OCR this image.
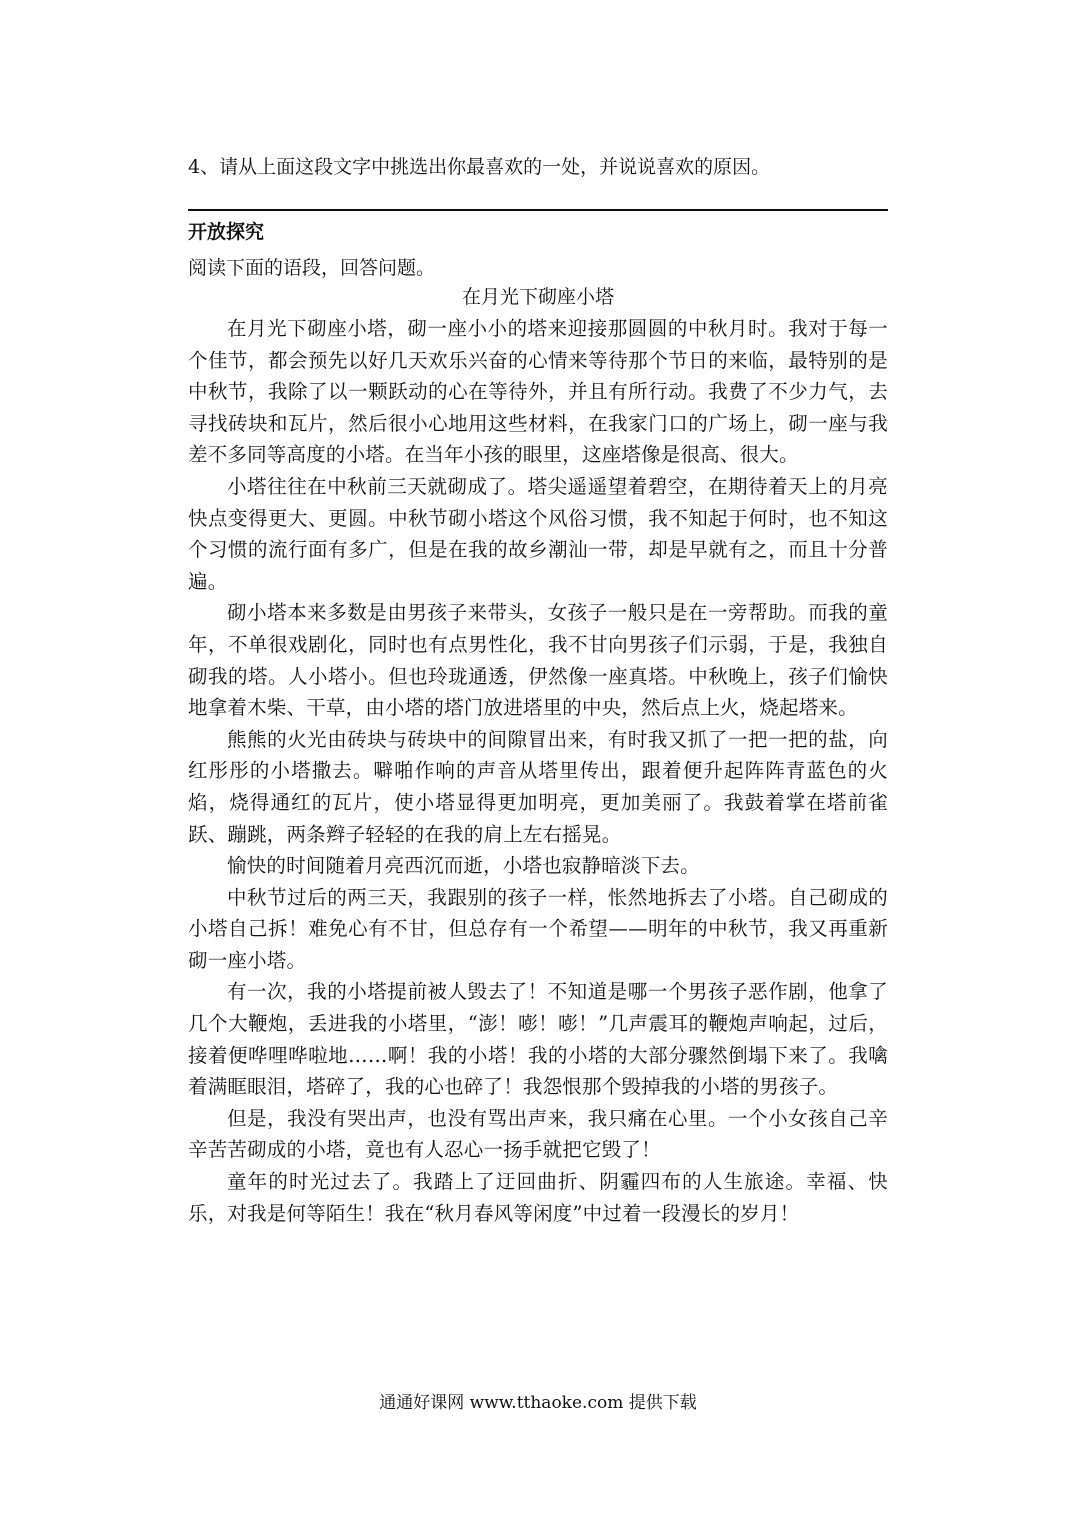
4、请从上面这段文字中挑选出你最喜欢的一处，并说说喜欢的原因。
开放探究
阅读下面的语段，回答问题。
在月光下砌座小塔

在月光下砌座小塔，砌一座小小的塔来迎接那圆圆的中秋月时。我对于每一个佳节，都会预先以好几天欢乐兴奋的心情来等待那个节日的来临，最特别的是中秋节，我除了以一颗跃动的心在等待外，并且有所行动。我费了不少力气，去寻找砖块和瓦片，然后很小心地用这些材料，在我家门口的广场上，砌一座与我差不多同等高度的小塔。在当年小孩的眼里，这座塔像是很高、很大。

小塔往往在中秋前三天就砌成了。塔尖遥遥望着碧空，在期待着天上的月亮快点变得更大、更圆。中秋节砌小塔这个风俗习惯，我不知起于何时，也不知这个习惯的流行面有多广，但是在我的故乡潮汕一带，却是早就有之，而且十分普遍。

砌小塔本来多数是由男孩子来带头，女孩子一般只是在一旁帮助。而我的童年，不单很戏剧化，同时也有点男性化，我不甘向男孩子们示弱，于是，我独自砌我的塔。人小塔小。但也玲珑通透，伊然像一座真塔。中秋晚上，孩子们愉快地拿着木柴、干草，由小塔的塔门放进塔里的中央，然后点上火，烧起塔来。

熊熊的火光由砖块与砖块中的间隙冒出来，有时我又抓了一把一把的盐，向红彤彤的小塔撒去。噼啪作响的声音从塔里传出，跟着便升起阵阵青蓝色的火焰，烧得通红的瓦片，使小塔显得更加明亮，更加美丽了。我鼓着掌在塔前雀跃、蹦跳，两条辫子轻轻的在我的肩上左右摇晃。

愉快的时间随着月亮西沉而逝，小塔也寂静暗淡下去。

中秋节过后的两三天，我跟别的孩子一样，怅然地拆去了小塔。自己砌成的小塔自己拆！难免心有不甘，但总存有一个希望——明年的中秋节，我又再重新砌一座小塔。

有一次，我的小塔提前被人毁去了！不知道是哪一个男孩子恶作剧，他拿了几个大鞭炮，丢进我的小塔里，“澎！嘭！嘭！”几声震耳的鞭炮声响起，过后，接着便哗哩哗啦地……啊！我的小塔！我的小塔的大部分骤然倒塌下来了。我噙着满眶眼泪，塔碎了，我的心也碎了！我怨恨那个毁掉我的小塔的男孩子。

但是，我没有哭出声，也没有骂出声来，我只痛在心里。一个小女孩自己辛辛苦苦砌成的小塔，竟也有人忍心一扬手就把它毁了！

童年的时光过去了。我踏上了迂回曲折、阴霾四布的人生旅途。幸福、快乐，对我是何等陌生！我在“秋月春风等闲度”中过着一段漫长的岁月！

通通好课网 www.tthaoke.com 提供下载
